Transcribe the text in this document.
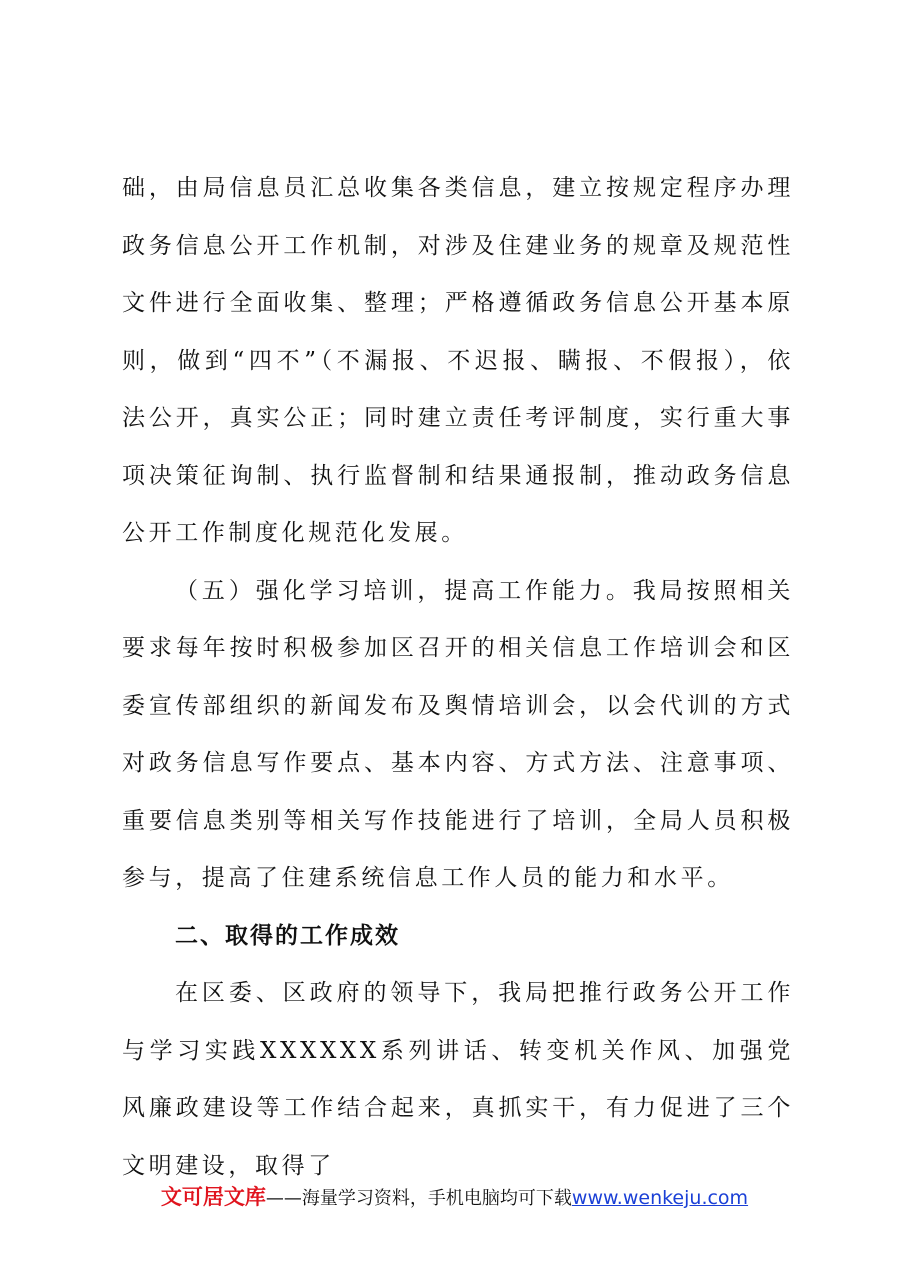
础，由局信息员汇总收集各类信息，建立按规定程序办理政务信息公开工作机制，对涉及住建业务的规章及规范性文件进行全面收集、整理；严格遵循政务信息公开基本原则，做到“四不”（不漏报、不迟报、瞒报、不假报），依法公开，真实公正；同时建立责任考评制度，实行重大事项决策征询制、执行监督制和结果通报制，推动政务信息公开工作制度化规范化发展。

（五）强化学习培训，提高工作能力。我局按照相关要求每年按时积极参加区召开的相关信息工作培训会和区委宣传部组织的新闻发布及舆情培训会，以会代训的方式对政务信息写作要点、基本内容、方式方法、注意事项、重要信息类别等相关写作技能进行了培训，全局人员积极参与，提高了住建系统信息工作人员的能力和水平。

二、取得的工作成效

在区委、区政府的领导下，我局把推行政务公开工作与学习实践XXXXXX系列讲话、转变机关作风、加强党风廉政建设等工作结合起来，真抓实干，有力促进了三个文明建设，取得了

文可居文库——海量学习资料，手机电脑均可下载www.wenkeju.com
